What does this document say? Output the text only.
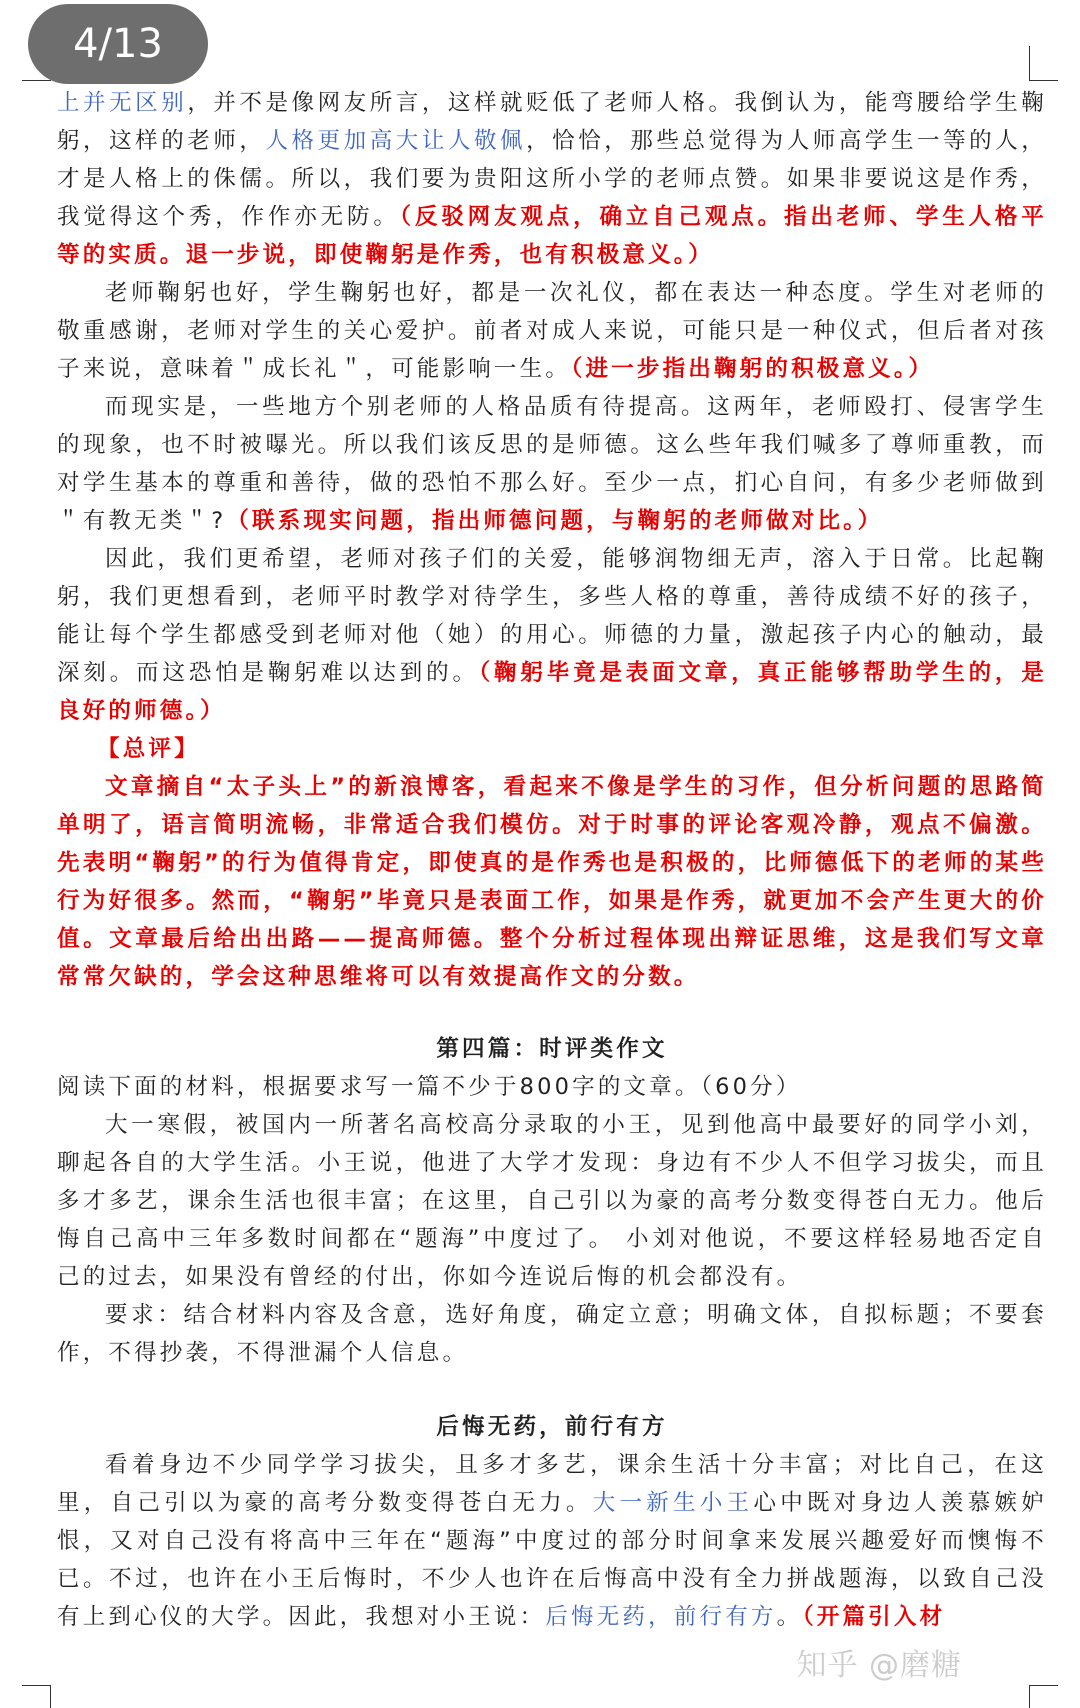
4/13

上并无区别，并不是像网友所言，这样就贬低了老师人格。我倒认为，能弯腰给学生鞠躬，这样的老师，人格更加高大让人敬佩，恰恰，那些总觉得为人师高学生一等的人，才是人格上的侏儒。所以，我们要为贵阳这所小学的老师点赞。如果非要说这是作秀，我觉得这个秀，作作亦无防。（反驳网友观点，确立自己观点。指出老师、学生人格平等的实质。退一步说，即使鞠躬是作秀，也有积极意义。）

老师鞠躬也好，学生鞠躬也好，都是一次礼仪，都在表达一种态度。学生对老师的敬重感谢，老师对学生的关心爱护。前者对成人来说，可能只是一种仪式，但后者对孩子来说，意味着＂成长礼＂，可能影响一生。（进一步指出鞠躬的积极意义。）

而现实是，一些地方个别老师的人格品质有待提高。这两年，老师殴打、侵害学生的现象，也不时被曝光。所以我们该反思的是师德。这么些年我们喊多了尊师重教，而对学生基本的尊重和善待，做的恐怕不那么好。至少一点，扪心自问，有多少老师做到＂有教无类＂?（联系现实问题，指出师德问题，与鞠躬的老师做对比。）

因此，我们更希望，老师对孩子们的关爱，能够润物细无声，溶入于日常。比起鞠躬，我们更想看到，老师平时教学对待学生，多些人格的尊重，善待成绩不好的孩子，能让每个学生都感受到老师对他（她）的用心。师德的力量，激起孩子内心的触动，最深刻。而这恐怕是鞠躬难以达到的。（鞠躬毕竟是表面文章，真正能够帮助学生的，是良好的师德。）

【总评】

文章摘自“太子头上”的新浪博客，看起来不像是学生的习作，但分析问题的思路简单明了，语言简明流畅，非常适合我们模仿。对于时事的评论客观冷静，观点不偏激。先表明“鞠躬”的行为值得肯定，即使真的是作秀也是积极的，比师德低下的老师的某些行为好很多。然而，“鞠躬”毕竟只是表面工作，如果是作秀，就更加不会产生更大的价值。文章最后给出出路——提高师德。整个分析过程体现出辩证思维，这是我们写文章常常欠缺的，学会这种思维将可以有效提高作文的分数。

第四篇：时评类作文

阅读下面的材料，根据要求写一篇不少于800字的文章。（60分）

大一寒假，被国内一所著名高校高分录取的小王，见到他高中最要好的同学小刘，聊起各自的大学生活。小王说，他进了大学才发现：身边有不少人不但学习拔尖，而且多才多艺，课余生活也很丰富；在这里，自己引以为豪的高考分数变得苍白无力。他后悔自己高中三年多数时间都在“题海”中度过了。 小刘对他说，不要这样轻易地否定自己的过去，如果没有曾经的付出，你如今连说后悔的机会都没有。

要求：结合材料内容及含意，选好角度，确定立意；明确文体，自拟标题；不要套作，不得抄袭，不得泄漏个人信息。

后悔无药，前行有方

看着身边不少同学学习拔尖，且多才多艺，课余生活十分丰富；对比自己，在这里，自己引以为豪的高考分数变得苍白无力。大一新生小王心中既对身边人羡慕嫉妒恨，又对自己没有将高中三年在“题海”中度过的部分时间拿来发展兴趣爱好而懊悔不已。不过，也许在小王后悔时，不少人也许在后悔高中没有全力拼战题海，以致自己没有上到心仪的大学。因此，我想对小王说：后悔无药，前行有方。（开篇引入材

知乎 @磨糖
